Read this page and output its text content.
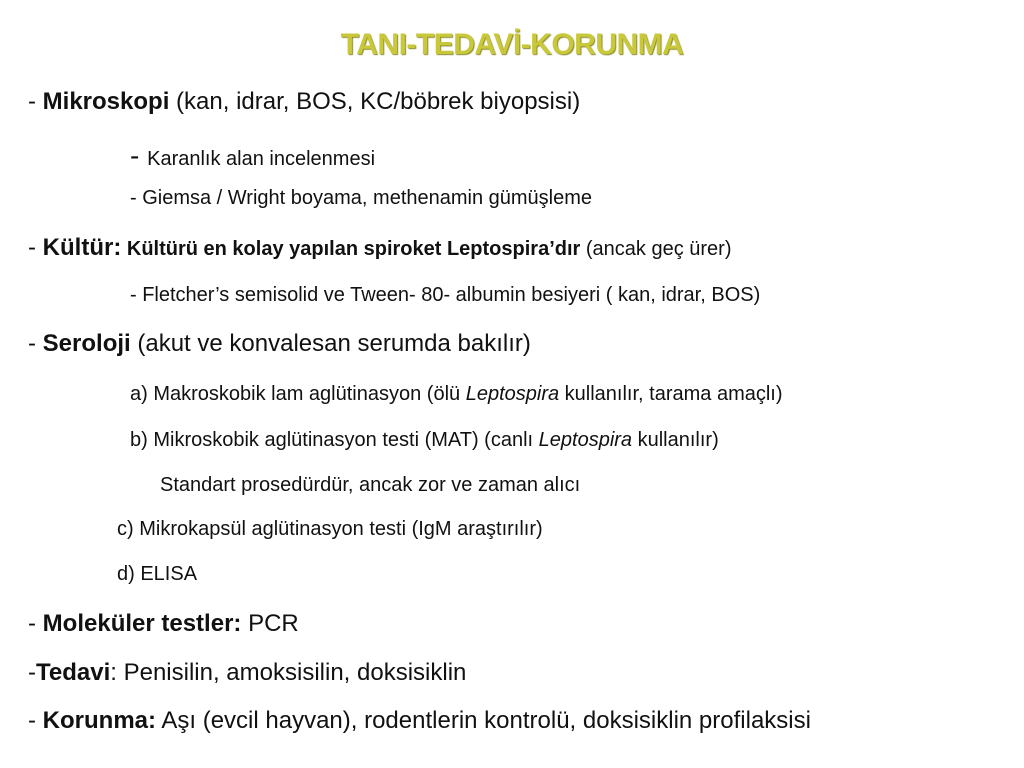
TANI-TEDAVİ-KORUNMA
- Mikroskopi (kan, idrar, BOS, KC/böbrek biyopsisi)
- Karanlık alan incelenmesi
- Giemsa / Wright boyama, methenamin gümüşleme
- Kültür: Kültürü en kolay yapılan spiroket Leptospira’dır (ancak geç ürer)
- Fletcher’s semisolid ve Tween- 80- albumin besiyeri ( kan, idrar, BOS)
- Seroloji (akut ve konvalesan serumda bakılır)
a) Makroskobik lam aglütinasyon (ölü Leptospira kullanılır, tarama amaçlı)
b) Mikroskobik aglütinasyon testi (MAT) (canlı Leptospira kullanılır)
Standart prosedürdür, ancak zor ve zaman alıcı
c) Mikrokapsül aglütinasyon testi (IgM araştırılır)
d) ELISA
- Moleküler testler: PCR
-Tedavi: Penisilin, amoksisilin, doksisiklin
- Korunma: Aşı (evcil hayvan), rodentlerin kontrolü, doksisiklin profilaksisi
